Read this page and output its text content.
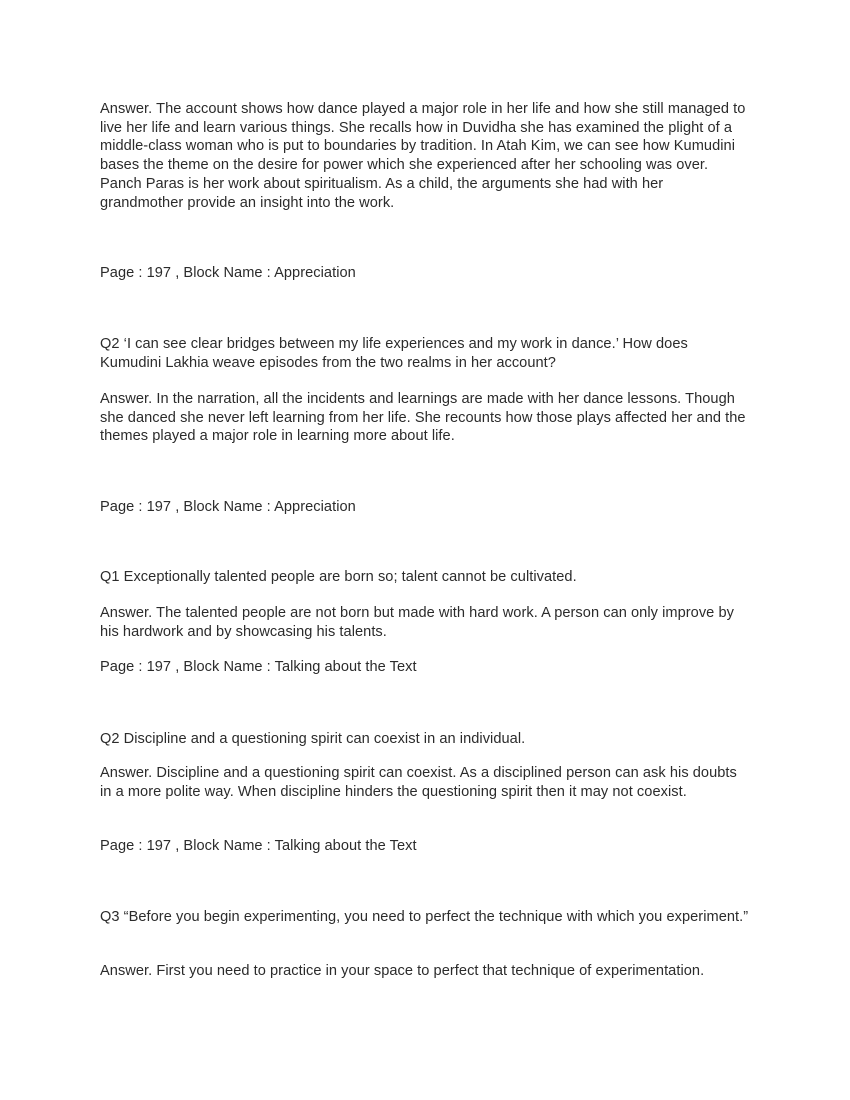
Answer. The account shows how dance played a major role in her life and how she still managed to live her life and learn various things. She recalls how in Duvidha she has examined the plight of a middle-class woman who is put to boundaries by tradition. In Atah Kim, we can see how Kumudini bases the theme on the desire for power which she experienced after her schooling was over. Panch Paras is her work about spiritualism. As a child, the arguments she had with her grandmother provide an insight into the work.

Page : 197 , Block Name : Appreciation

Q2 ‘I can see clear bridges between my life experiences and my work in dance.’ How does Kumudini Lakhia weave episodes from the two realms in her account?

Answer. In the narration, all the incidents and learnings are made with her dance lessons. Though she danced she never left learning from her life. She recounts how those plays affected her and the themes played a major role in learning more about life.

Page : 197 , Block Name : Appreciation

Q1 Exceptionally talented people are born so; talent cannot be cultivated.

Answer. The talented people are not born but made with hard work. A person can only improve by his hardwork and by showcasing his talents.

Page : 197 , Block Name : Talking about the Text

Q2 Discipline and a questioning spirit can coexist in an individual.

Answer. Discipline and a questioning spirit can coexist. As a disciplined person can ask his doubts in a more polite way. When discipline hinders the questioning spirit then it may not coexist.

Page : 197 , Block Name : Talking about the Text

Q3 “Before you begin experimenting, you need to perfect the technique with which you experiment.”

Answer. First you need to practice in your space to perfect that technique of experimentation.
